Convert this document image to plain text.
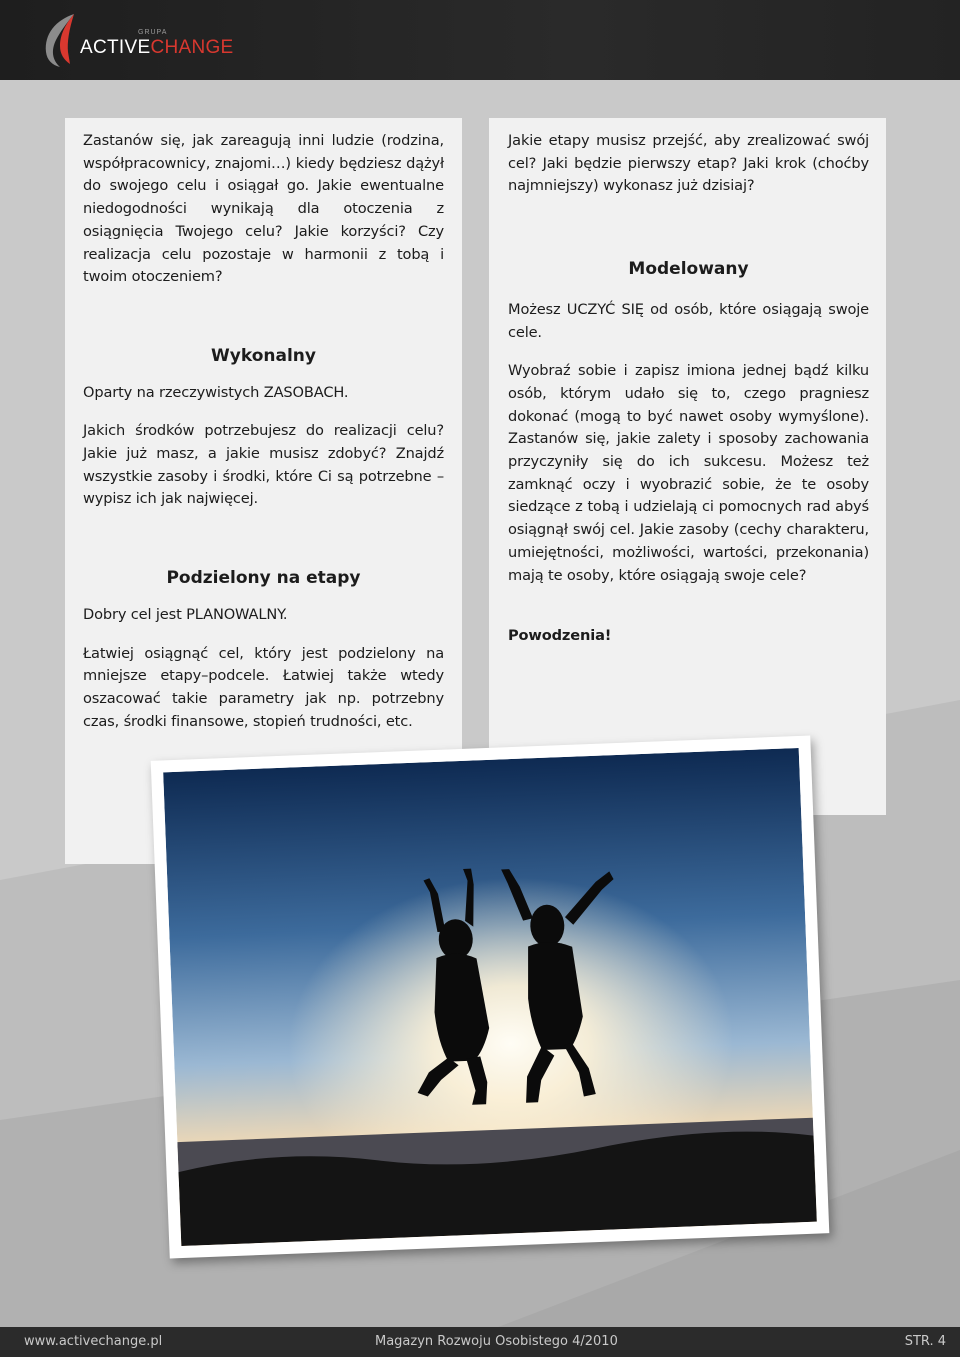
GRUPA
ACTIVECHANGE

Zastanów się, jak zareagują inni ludzie (rodzina, współpracownicy, znajomi…) kiedy będziesz dążył do swojego celu i osiągał go. Jakie ewentualne niedogodności wynikają dla otoczenia z osiągnięcia Twojego celu? Jakie korzyści? Czy realizacja celu pozostaje w harmonii z tobą i twoim otoczeniem?

Wykonalny

Oparty na rzeczywistych ZASOBACH.

Jakich środków potrzebujesz do realizacji celu? Jakie już masz, a jakie musisz zdobyć? Znajdź wszystkie zasoby i środki, które Ci są potrzebne – wypisz ich jak najwięcej.

Podzielony na etapy

Dobry cel jest PLANOWALNY.

Łatwiej osiągnąć cel, który jest podzielony na mniejsze etapy–podcele. Łatwiej także wtedy oszacować takie parametry jak np. potrzebny czas, środki finansowe, stopień trudności, etc.

Jakie etapy musisz przejść, aby zrealizować swój cel? Jaki będzie pierwszy etap? Jaki krok (choćby najmniejszy) wykonasz już dzisiaj?

Modelowany

Możesz UCZYĆ SIĘ od osób, które osiągają swoje cele.

Wyobraź sobie i zapisz imiona jednej bądź kilku osób, którym udało się to, czego pragniesz dokonać (mogą to być nawet osoby wymyślone). Zastanów się, jakie zalety i sposoby zachowania przyczyniły się do ich sukcesu. Możesz też zamknąć oczy i wyobrazić sobie, że te osoby siedzące z tobą i udzielają ci pomocnych rad abyś osiągnął swój cel. Jakie zasoby (cechy charakteru, umiejętności, możliwości, wartości, przekonania) mają te osoby, które osiągają swoje cele?

Powodzenia!

www.activechange.pl	Magazyn Rozwoju Osobistego 4/2010	STR. 4
